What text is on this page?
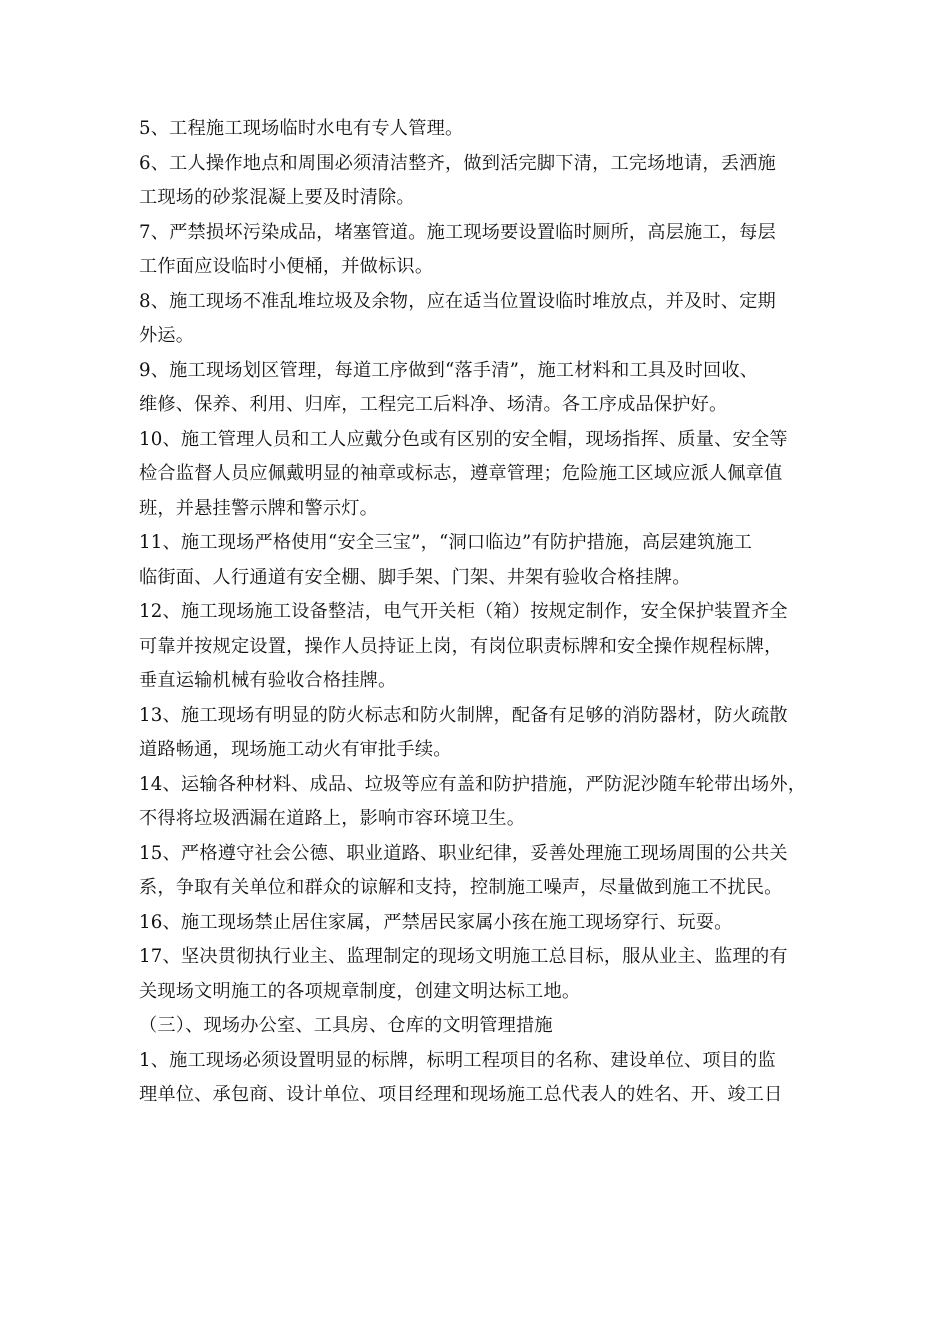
5、工程施工现场临时水电有专人管理。

6、工人操作地点和周围必须清洁整齐，做到活完脚下清，工完场地请，丢洒施

工现场的砂浆混凝上要及时清除。

7、严禁损坏污染成品，堵塞管道。施工现场要设置临时厕所，高层施工，每层

工作面应设临时小便桶，并做标识。

8、施工现场不准乱堆垃圾及余物，应在适当位置设临时堆放点，并及时、定期

外运。

9、施工现场划区管理，每道工序做到“落手清”，施工材料和工具及时回收、

维修、保养、利用、归库，工程完工后料净、场清。各工序成品保护好。

10、施工管理人员和工人应戴分色或有区别的安全帽，现场指挥、质量、安全等

检合监督人员应佩戴明显的袖章或标志，遵章管理；危险施工区域应派人佩章值

班，并悬挂警示牌和警示灯。

11、施工现场严格使用“安全三宝”，“洞口临边”有防护措施，高层建筑施工

临街面、人行通道有安全棚、脚手架、门架、井架有验收合格挂牌。

12、施工现场施工设备整洁，电气开关柜（箱）按规定制作，安全保护装置齐全

可靠并按规定设置，操作人员持证上岗，有岗位职责标牌和安全操作规程标牌，

垂直运输机械有验收合格挂牌。

13、施工现场有明显的防火标志和防火制牌，配备有足够的消防器材，防火疏散

道路畅通，现场施工动火有审批手续。

14、运输各种材料、成品、垃圾等应有盖和防护措施，严防泥沙随车轮带出场外，

不得将垃圾洒漏在道路上，影响市容环境卫生。

15、严格遵守社会公德、职业道路、职业纪律，妥善处理施工现场周围的公共关

系，争取有关单位和群众的谅解和支持，控制施工噪声，尽量做到施工不扰民。

16、施工现场禁止居住家属，严禁居民家属小孩在施工现场穿行、玩耍。

17、坚决贯彻执行业主、监理制定的现场文明施工总目标，服从业主、监理的有

关现场文明施工的各项规章制度，创建文明达标工地。

（三）、现场办公室、工具房、仓库的文明管理措施

1、施工现场必须设置明显的标牌，标明工程项目的名称、建设单位、项目的监

理单位、承包商、设计单位、项目经理和现场施工总代表人的姓名、开、竣工日
